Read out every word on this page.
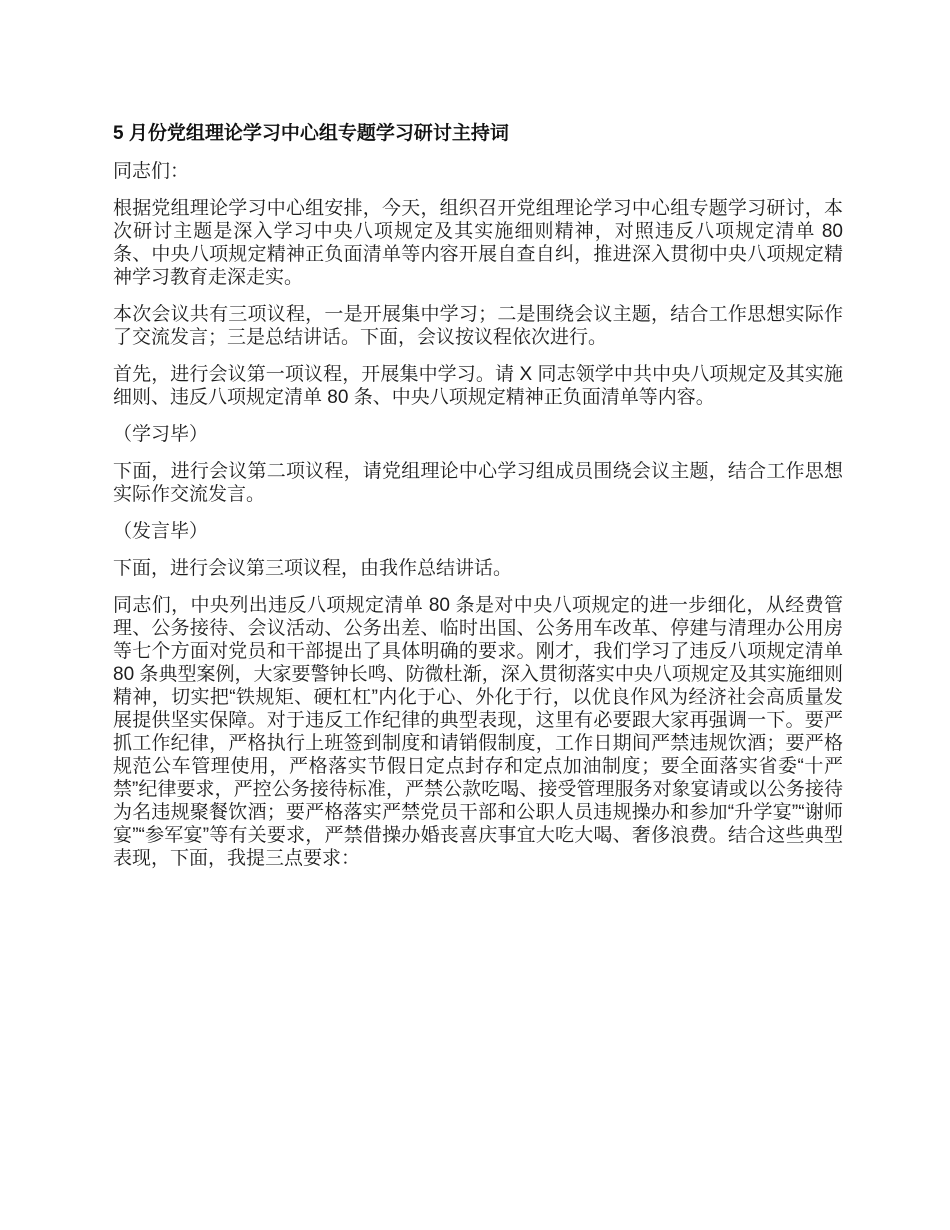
5 月份党组理论学习中心组专题学习研讨主持词

同志们：

根据党组理论学习中心组安排，今天，组织召开党组理论学习中心组专题学习研讨，本次研讨主题是深入学习中央八项规定及其实施细则精神，对照违反八项规定清单 80 条、中央八项规定精神正负面清单等内容开展自查自纠，推进深入贯彻中央八项规定精神学习教育走深走实。

本次会议共有三项议程，一是开展集中学习；二是围绕会议主题，结合工作思想实际作了交流发言；三是总结讲话。下面，会议按议程依次进行。

首先，进行会议第一项议程，开展集中学习。请 X 同志领学中共中央八项规定及其实施细则、违反八项规定清单 80 条、中央八项规定精神正负面清单等内容。

（学习毕）

下面，进行会议第二项议程，请党组理论中心学习组成员围绕会议主题，结合工作思想实际作交流发言。

（发言毕）

下面，进行会议第三项议程，由我作总结讲话。

同志们，中央列出违反八项规定清单 80 条是对中央八项规定的进一步细化，从经费管理、公务接待、会议活动、公务出差、临时出国、公务用车改革、停建与清理办公用房等七个方面对党员和干部提出了具体明确的要求。刚才，我们学习了违反八项规定清单 80 条典型案例，大家要警钟长鸣、防微杜渐，深入贯彻落实中央八项规定及其实施细则精神，切实把“铁规矩、硬杠杠”内化于心、外化于行，以优良作风为经济社会高质量发展提供坚实保障。对于违反工作纪律的典型表现，这里有必要跟大家再强调一下。要严抓工作纪律，严格执行上班签到制度和请销假制度，工作日期间严禁违规饮酒；要严格规范公车管理使用，严格落实节假日定点封存和定点加油制度；要全面落实省委“十严禁”纪律要求，严控公务接待标准，严禁公款吃喝、接受管理服务对象宴请或以公务接待为名违规聚餐饮酒；要严格落实严禁党员干部和公职人员违规操办和参加“升学宴”“谢师宴”“参军宴”等有关要求，严禁借操办婚丧喜庆事宜大吃大喝、奢侈浪费。结合这些典型表现，下面，我提三点要求：
